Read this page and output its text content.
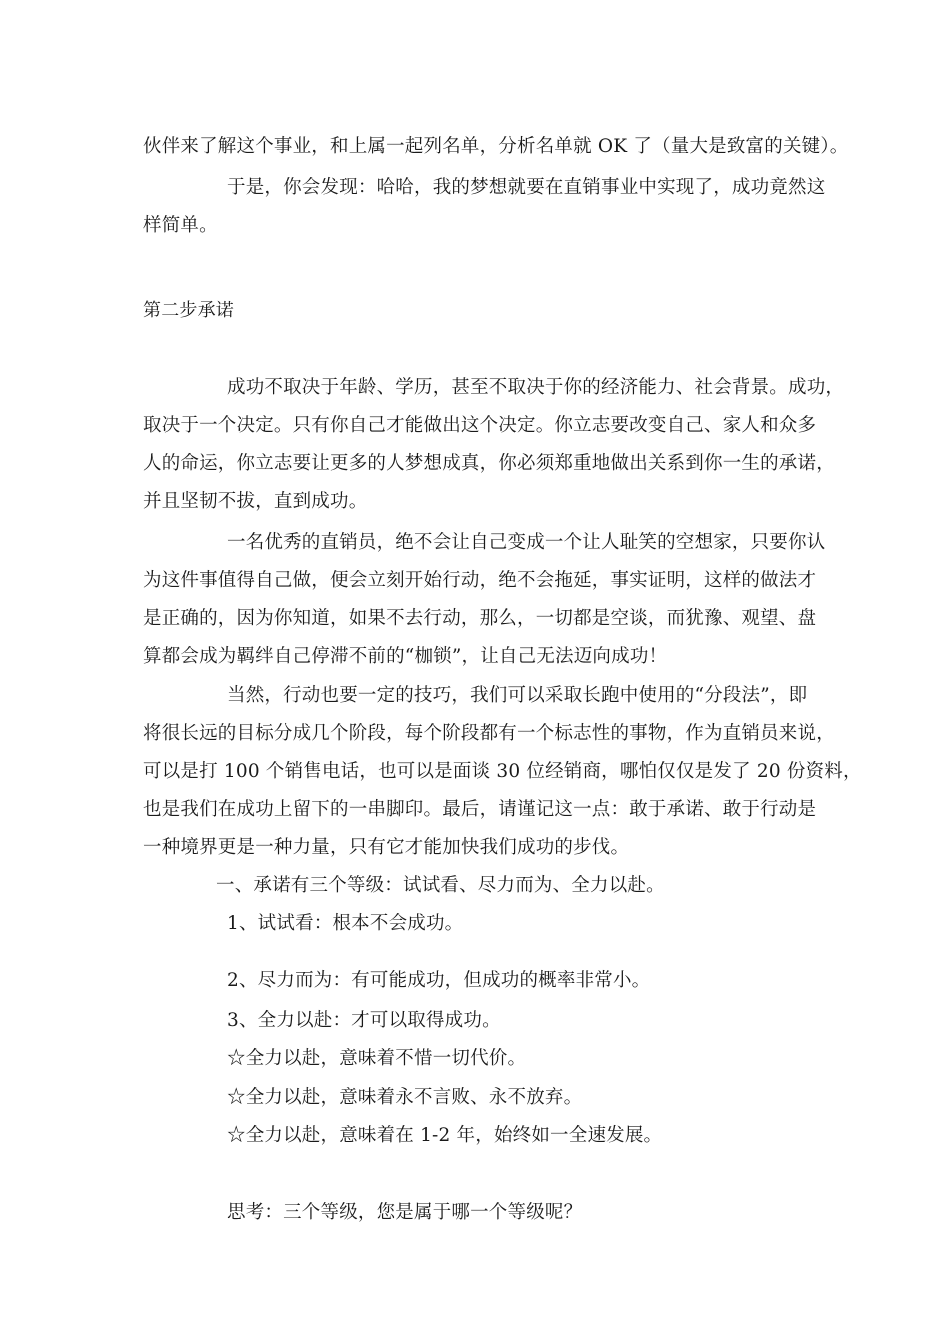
伙伴来了解这个事业，和上属一起列名单，分析名单就 OK 了（量大是致富的关键）。
于是，你会发现：哈哈，我的梦想就要在直销事业中实现了，成功竟然这
样简单。
第二步承诺
成功不取决于年龄、学历，甚至不取决于你的经济能力、社会背景。成功，
取决于一个决定。只有你自己才能做出这个决定。你立志要改变自己、家人和众多
人的命运，你立志要让更多的人梦想成真，你必须郑重地做出关系到你一生的承诺，
并且坚韧不拔，直到成功。
一名优秀的直销员，绝不会让自己变成一个让人耻笑的空想家，只要你认
为这件事值得自己做，便会立刻开始行动，绝不会拖延，事实证明，这样的做法才
是正确的，因为你知道，如果不去行动，那么，一切都是空谈，而犹豫、观望、盘
算都会成为羁绊自己停滞不前的“枷锁”，让自己无法迈向成功！
当然，行动也要一定的技巧，我们可以采取长跑中使用的“分段法”，即
将很长远的目标分成几个阶段，每个阶段都有一个标志性的事物，作为直销员来说，
可以是打 100 个销售电话，也可以是面谈 30 位经销商，哪怕仅仅是发了 20 份资料，
也是我们在成功上留下的一串脚印。最后，请谨记这一点：敢于承诺、敢于行动是
一种境界更是一种力量，只有它才能加快我们成功的步伐。
一、承诺有三个等级：试试看、尽力而为、全力以赴。
1、试试看：根本不会成功。
2、尽力而为：有可能成功，但成功的概率非常小。
3、全力以赴：才可以取得成功。
☆全力以赴，意味着不惜一切代价。
☆全力以赴，意味着永不言败、永不放弃。
☆全力以赴，意味着在 1-2 年，始终如一全速发展。
思考：三个等级，您是属于哪一个等级呢？
